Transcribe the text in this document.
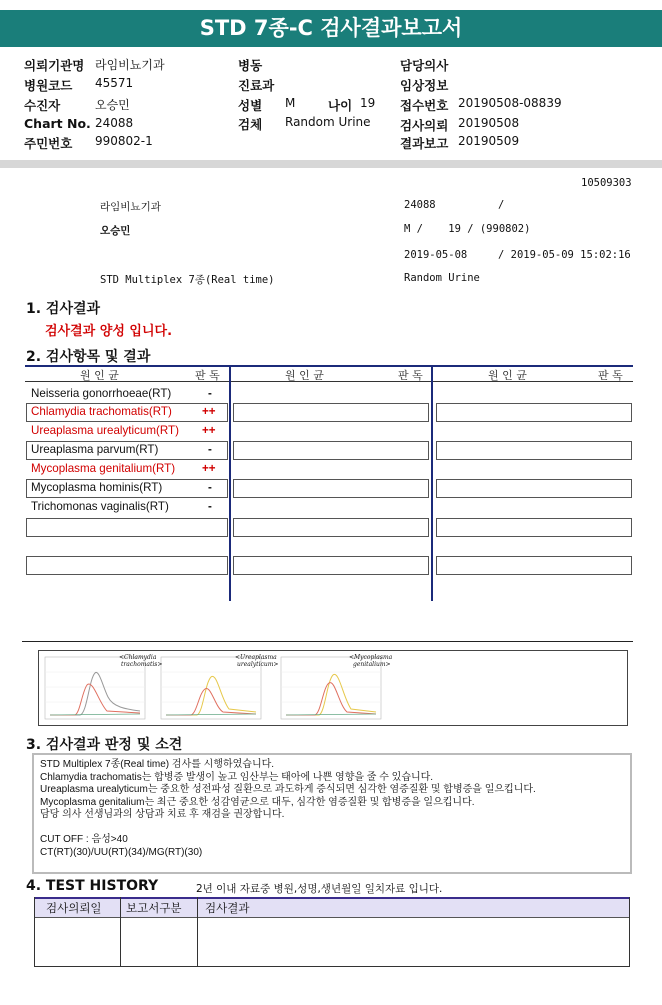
STD 7종-C 검사결과보고서
의뢰기관명 라임비뇨기과
병원코드 45571
수진자	오승민
Chart No. 24088
주민번호 990802-1
병동
진료과
성별 M	나이 19
검체 Random Urine
담당의사
임상정보
접수번호 20190508-08839
검사의뢰 20190508
결과보고 20190509
10509303
라임비뇨기과	24088	/
오승민	M /    19 / (990802)
2019-05-08	/ 2019-05-09 15:02:16
STD Multiplex 7종(Real time)	Random Urine
1. 검사결과
검사결과 양성 입니다.
2. 검사항목 및 결과
원 인 균	판 독	원 인 균	판 독	원 인 균	판 독
Neisseria gonorrhoeae(RT)	-
Chlamydia trachomatis(RT)	++
Ureaplasma urealyticum(RT) ++
Ureaplasma parvum(RT)	-
Mycoplasma genitalium(RT) ++
Mycoplasma hominis(RT)	-
Trichomonas vaginalis(RT)	-
<Chlamydia
trachomatis>
<Ureaplasma
urealyticum>
<Mycoplasma
genitalium>
3. 검사결과 판정 및 소견
STD Multiplex 7종(Real time) 검사를 시행하였습니다.
Chlamydia trachomatis는 합병증 발생이 높고 임산부는 태아에 나쁜 영향을 줄 수 있습니다.
Ureaplasma urealyticum는 중요한 성전파성 질환으로 과도하게 증식되면 심각한 염증질환 및 합병증을 일으킵니다.
Mycoplasma genitalium는 최근 중요한 성감염균으로 대두, 심각한 염증질환 및 합병증을 일으킵니다.
담당 의사 선생님과의 상담과 치료 후 재검을 권장합니다.
CUT OFF : 음성>40
CT(RT)(30)/UU(RT)(34)/MG(RT)(30)
4. TEST HISTORY	2년 이내 자료중 병원,성명,생년월일 일치자료 입니다.
검사의뢰일 보고서구분 검사결과
